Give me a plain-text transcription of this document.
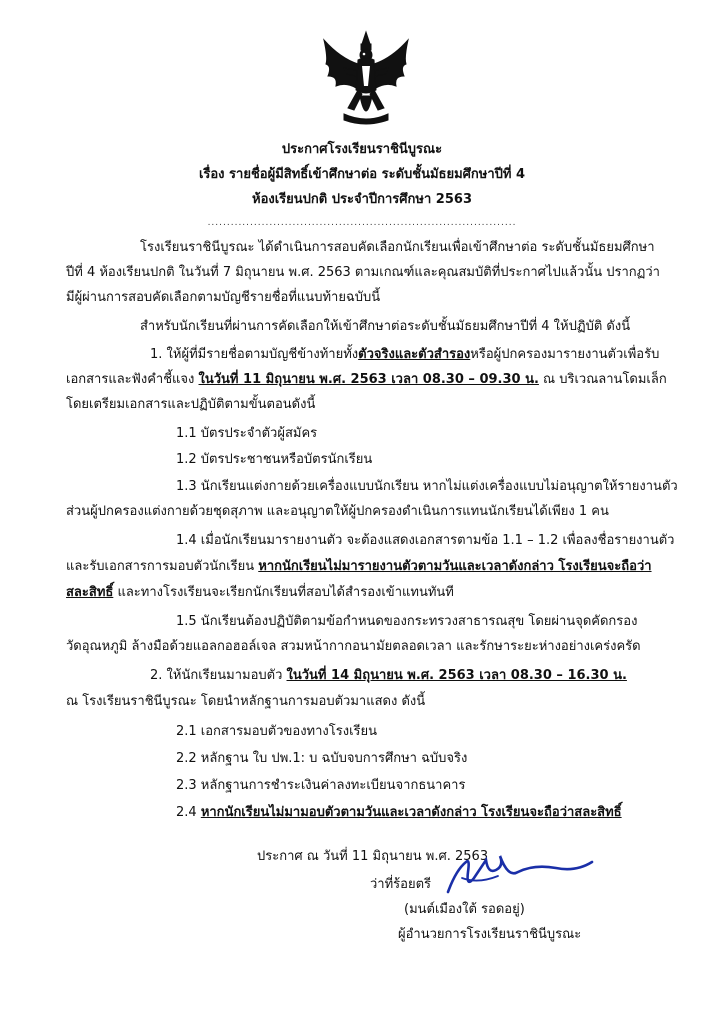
ประกาศโรงเรียนราชินีบูรณะ
เรื่อง รายชื่อผู้มีสิทธิ์เข้าศึกษาต่อ ระดับชั้นมัธยมศึกษาปีที่ 4
ห้องเรียนปกติ ประจำปีการศึกษา 2563
................................................................................
โรงเรียนราชินีบูรณะ ได้ดำเนินการสอบคัดเลือกนักเรียนเพื่อเข้าศึกษาต่อ ระดับชั้นมัธยมศึกษา
ปีที่ 4 ห้องเรียนปกติ ในวันที่ 7 มิถุนายน พ.ศ. 2563 ตามเกณฑ์และคุณสมบัติที่ประกาศไปแล้วนั้น ปรากฏว่า
มีผู้ผ่านการสอบคัดเลือกตามบัญชีรายชื่อที่แนบท้ายฉบับนี้
สำหรับนักเรียนที่ผ่านการคัดเลือกให้เข้าศึกษาต่อระดับชั้นมัธยมศึกษาปีที่ 4 ให้ปฏิบัติ ดังนี้
1. ให้ผู้ที่มีรายชื่อตามบัญชีข้างท้ายทั้งตัวจริงและตัวสำรองหรือผู้ปกครองมารายงานตัวเพื่อรับ
เอกสารและฟังคำชี้แจง ในวันที่ 11 มิถุนายน พ.ศ. 2563 เวลา 08.30 – 09.30 น. ณ บริเวณลานโดมเล็ก
โดยเตรียมเอกสารและปฏิบัติตามขั้นตอนดังนี้
1.1 บัตรประจำตัวผู้สมัคร
1.2 บัตรประชาชนหรือบัตรนักเรียน
1.3 นักเรียนแต่งกายด้วยเครื่องแบบนักเรียน หากไม่แต่งเครื่องแบบไม่อนุญาตให้รายงานตัว
ส่วนผู้ปกครองแต่งกายด้วยชุดสุภาพ และอนุญาตให้ผู้ปกครองดำเนินการแทนนักเรียนได้เพียง 1 คน
1.4 เมื่อนักเรียนมารายงานตัว จะต้องแสดงเอกสารตามข้อ 1.1 – 1.2 เพื่อลงชื่อรายงานตัว
และรับเอกสารการมอบตัวนักเรียน หากนักเรียนไม่มารายงานตัวตามวันและเวลาดังกล่าว โรงเรียนจะถือว่า
สละสิทธิ์ และทางโรงเรียนจะเรียกนักเรียนที่สอบได้สำรองเข้าแทนทันที
1.5 นักเรียนต้องปฏิบัติตามข้อกำหนดของกระทรวงสาธารณสุข โดยผ่านจุดคัดกรอง
วัดอุณหภูมิ ล้างมือด้วยแอลกอฮอล์เจล สวมหน้ากากอนามัยตลอดเวลา และรักษาระยะห่างอย่างเคร่งครัด
2. ให้นักเรียนมามอบตัว ในวันที่ 14 มิถุนายน พ.ศ. 2563 เวลา 08.30 – 16.30 น.
ณ โรงเรียนราชินีบูรณะ โดยนำหลักฐานการมอบตัวมาแสดง ดังนี้
2.1 เอกสารมอบตัวของทางโรงเรียน
2.2 หลักฐาน ใบ ปพ.1: บ ฉบับจบการศึกษา ฉบับจริง
2.3 หลักฐานการชำระเงินค่าลงทะเบียนจากธนาคาร
2.4 หากนักเรียนไม่มามอบตัวตามวันและเวลาดังกล่าว โรงเรียนจะถือว่าสละสิทธิ์
ประกาศ ณ วันที่ 11 มิถุนายน พ.ศ. 2563
ว่าที่ร้อยตรี
(มนต์เมืองใต้ รอดอยู่)
ผู้อำนวยการโรงเรียนราชินีบูรณะ
